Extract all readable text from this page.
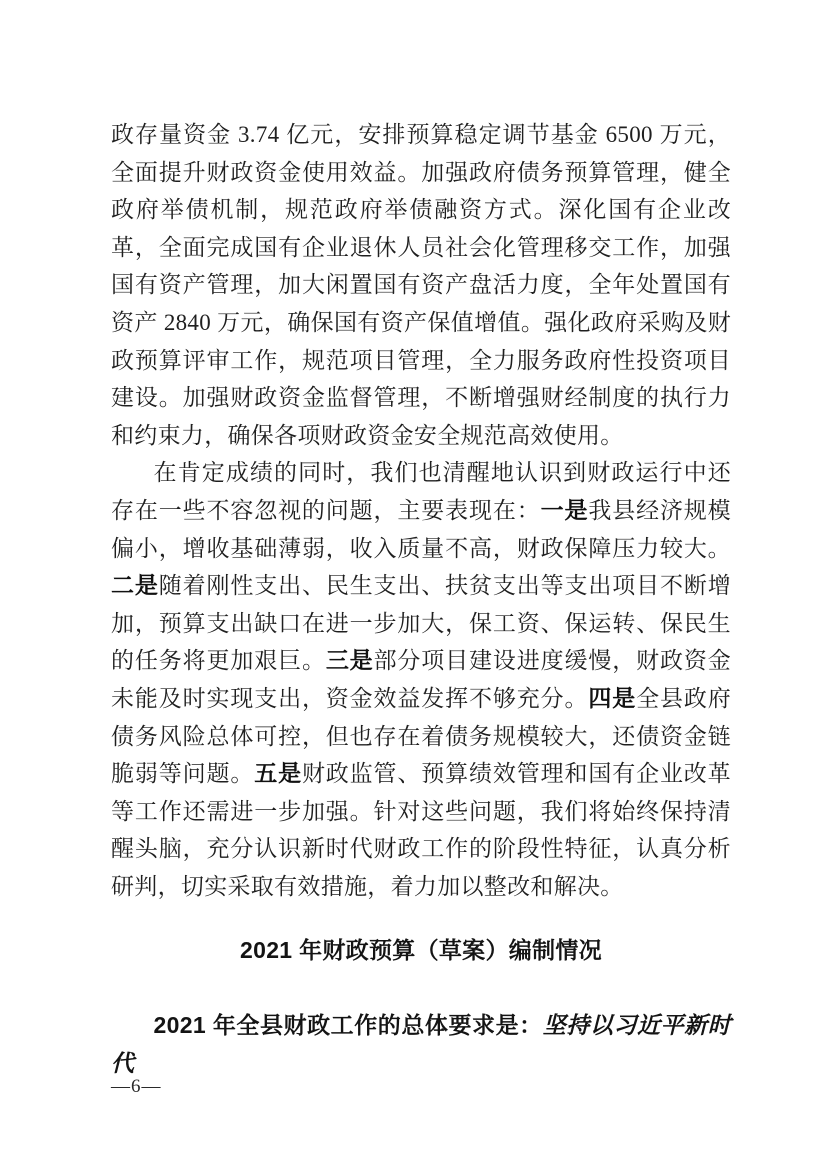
政存量资金 3.74 亿元，安排预算稳定调节基金 6500 万元，全面提升财政资金使用效益。加强政府债务预算管理，健全政府举债机制，规范政府举债融资方式。深化国有企业改革，全面完成国有企业退休人员社会化管理移交工作，加强国有资产管理，加大闲置国有资产盘活力度，全年处置国有资产 2840 万元，确保国有资产保值增值。强化政府采购及财政预算评审工作，规范项目管理，全力服务政府性投资项目建设。加强财政资金监督管理，不断增强财经制度的执行力和约束力，确保各项财政资金安全规范高效使用。

在肯定成绩的同时，我们也清醒地认识到财政运行中还存在一些不容忽视的问题，主要表现在：一是我县经济规模偏小，增收基础薄弱，收入质量不高，财政保障压力较大。二是随着刚性支出、民生支出、扶贫支出等支出项目不断增加，预算支出缺口在进一步加大，保工资、保运转、保民生的任务将更加艰巨。三是部分项目建设进度缓慢，财政资金未能及时实现支出，资金效益发挥不够充分。四是全县政府债务风险总体可控，但也存在着债务规模较大，还债资金链脆弱等问题。五是财政监管、预算绩效管理和国有企业改革等工作还需进一步加强。针对这些问题，我们将始终保持清醒头脑，充分认识新时代财政工作的阶段性特征，认真分析研判，切实采取有效措施，着力加以整改和解决。

2021 年财政预算（草案）编制情况

2021 年全县财政工作的总体要求是：坚持以习近平新时代

—6—
